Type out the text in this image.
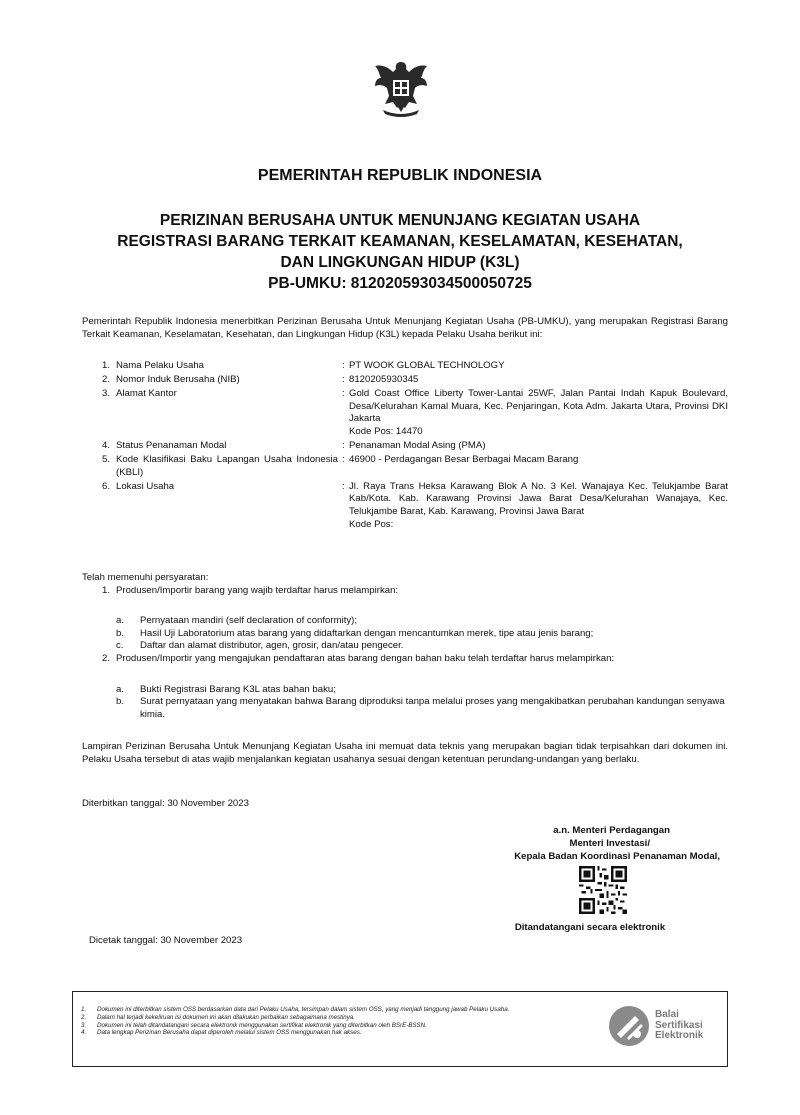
PEMERINTAH REPUBLIK INDONESIA
PERIZINAN BERUSAHA UNTUK MENUNJANG KEGIATAN USAHA
REGISTRASI BARANG TERKAIT KEAMANAN, KESELAMATAN, KESEHATAN,
DAN LINGKUNGAN HIDUP (K3L)
PB-UMKU: 812020593034500050725
Pemerintah Republik Indonesia menerbitkan Perizinan Berusaha Untuk Menunjang Kegiatan Usaha (PB-UMKU), yang merupakan Registrasi Barang Terkait Keamanan, Keselamatan, Kesehatan, dan Lingkungan Hidup (K3L) kepada Pelaku Usaha berikut ini:
1. Nama Pelaku Usaha	: PT WOOK GLOBAL TECHNOLOGY
2. Nomor Induk Berusaha (NIB)	: 8120205930345
3. Alamat Kantor	: Gold Coast Office Liberty Tower-Lantai 25WF, Jalan Pantai Indah Kapuk Boulevard, Desa/Kelurahan Kamal Muara, Kec. Penjaringan, Kota Adm. Jakarta Utara, Provinsi DKI Jakarta
Kode Pos: 14470
4. Status Penanaman Modal	: Penanaman Modal Asing (PMA)
5. Kode Klasifikasi Baku Lapangan Usaha Indonesia (KBLI)
: 46900 - Perdagangan Besar Berbagai Macam Barang
6. Lokasi Usaha	: Jl. Raya Trans Heksa Karawang Blok A No. 3 Kel. Wanajaya Kec. Telukjambe Barat Kab/Kota. Kab. Karawang Provinsi Jawa Barat Desa/Kelurahan Wanajaya, Kec. Telukjambe Barat, Kab. Karawang, Provinsi Jawa Barat
Kode Pos:
Telah memenuhi persyaratan:
1. Produsen/Importir barang yang wajib terdaftar harus melampirkan:
a.	Pernyataan mandiri (self declaration of conformity);
b.	Hasil Uji Laboratorium atas barang yang didaftarkan dengan mencantumkan merek, tipe atau jenis barang;
c.	Daftar dan alamat distributor, agen, grosir, dan/atau pengecer.
2. Produsen/Importir yang mengajukan pendaftaran atas barang dengan bahan baku telah terdaftar harus melampirkan:
a.	Bukti Registrasi Barang K3L atas bahan baku;
b.	Surat pernyataan yang menyatakan bahwa Barang diproduksi tanpa melalui proses yang mengakibatkan perubahan kandungan senyawa kimia.
Lampiran Perizinan Berusaha Untuk Menunjang Kegiatan Usaha ini memuat data teknis yang merupakan bagian tidak terpisahkan dari dokumen ini. Pelaku Usaha tersebut di atas wajib menjalankan kegiatan usahanya sesuai dengan ketentuan perundang-undangan yang berlaku.
Diterbitkan tanggal: 30 November 2023
a.n. Menteri Perdagangan
Menteri Investasi/
Kepala Badan Koordinasi Penanaman Modal,
Ditandatangani secara elektronik
Dicetak tanggal: 30 November 2023
1.	Dokumen ini diterbitkan sistem OSS berdasarkan data dari Pelaku Usaha, tersimpan dalam sistem OSS, yang menjadi tanggung jawab Pelaku Usaha.
2.	Dalam hal terjadi kekeliruan isi dokumen ini akan dilakukan perbaikan sebagaimana mestinya.
3.	Dokumen ini telah ditandatangani secara elektronik menggunakan sertifikat elektronik yang diterbitkan oleh BSrE-BSSN.
4.	Data lengkap Perizinan Berusaha dapat diperoleh melalui sistem OSS menggunakan hak akses.
Balai
Sertifikasi
Elektronik
